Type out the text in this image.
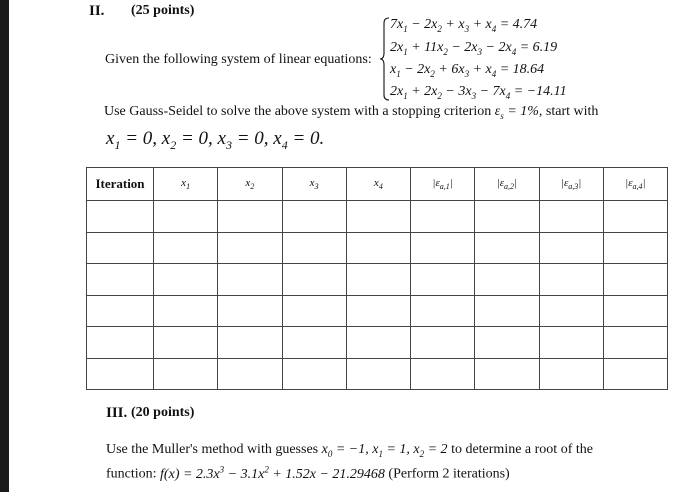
II. (25 points)
Given the following system of linear equations:
$7x_1 - 2x_2 + x_3 + x_4 = 4.74$
$2x_1 + 11x_2 - 2x_3 - 2x_4 = 6.19$
$x_1 - 2x_2 + 6x_3 + x_4 = 18.64$
$2x_1 + 2x_2 - 3x_3 - 7x_4 = -14.11$
Use Gauss-Seidel to solve the above system with a stopping criterion $\varepsilon_s = 1\%$, start with
$x_1 = 0$, $x_2 = 0$, $x_3 = 0$, $x_4 = 0$.
Iteration	$x_1$	$x_2$	$x_3$	$x_4$	$|\varepsilon_{a,1}|$	$|\varepsilon_{a,2}|$	$|\varepsilon_{a,3}|$	$|\varepsilon_{a,4}|$

III. (20 points)
Use the Muller's method with guesses $x_0 = -1$, $x_1 = 1$, $x_2 = 2$ to determine a root of the
function: $f(x) = 2.3x^3 - 3.1x^2 + 1.52x - 21.29468$ (Perform 2 iterations)
